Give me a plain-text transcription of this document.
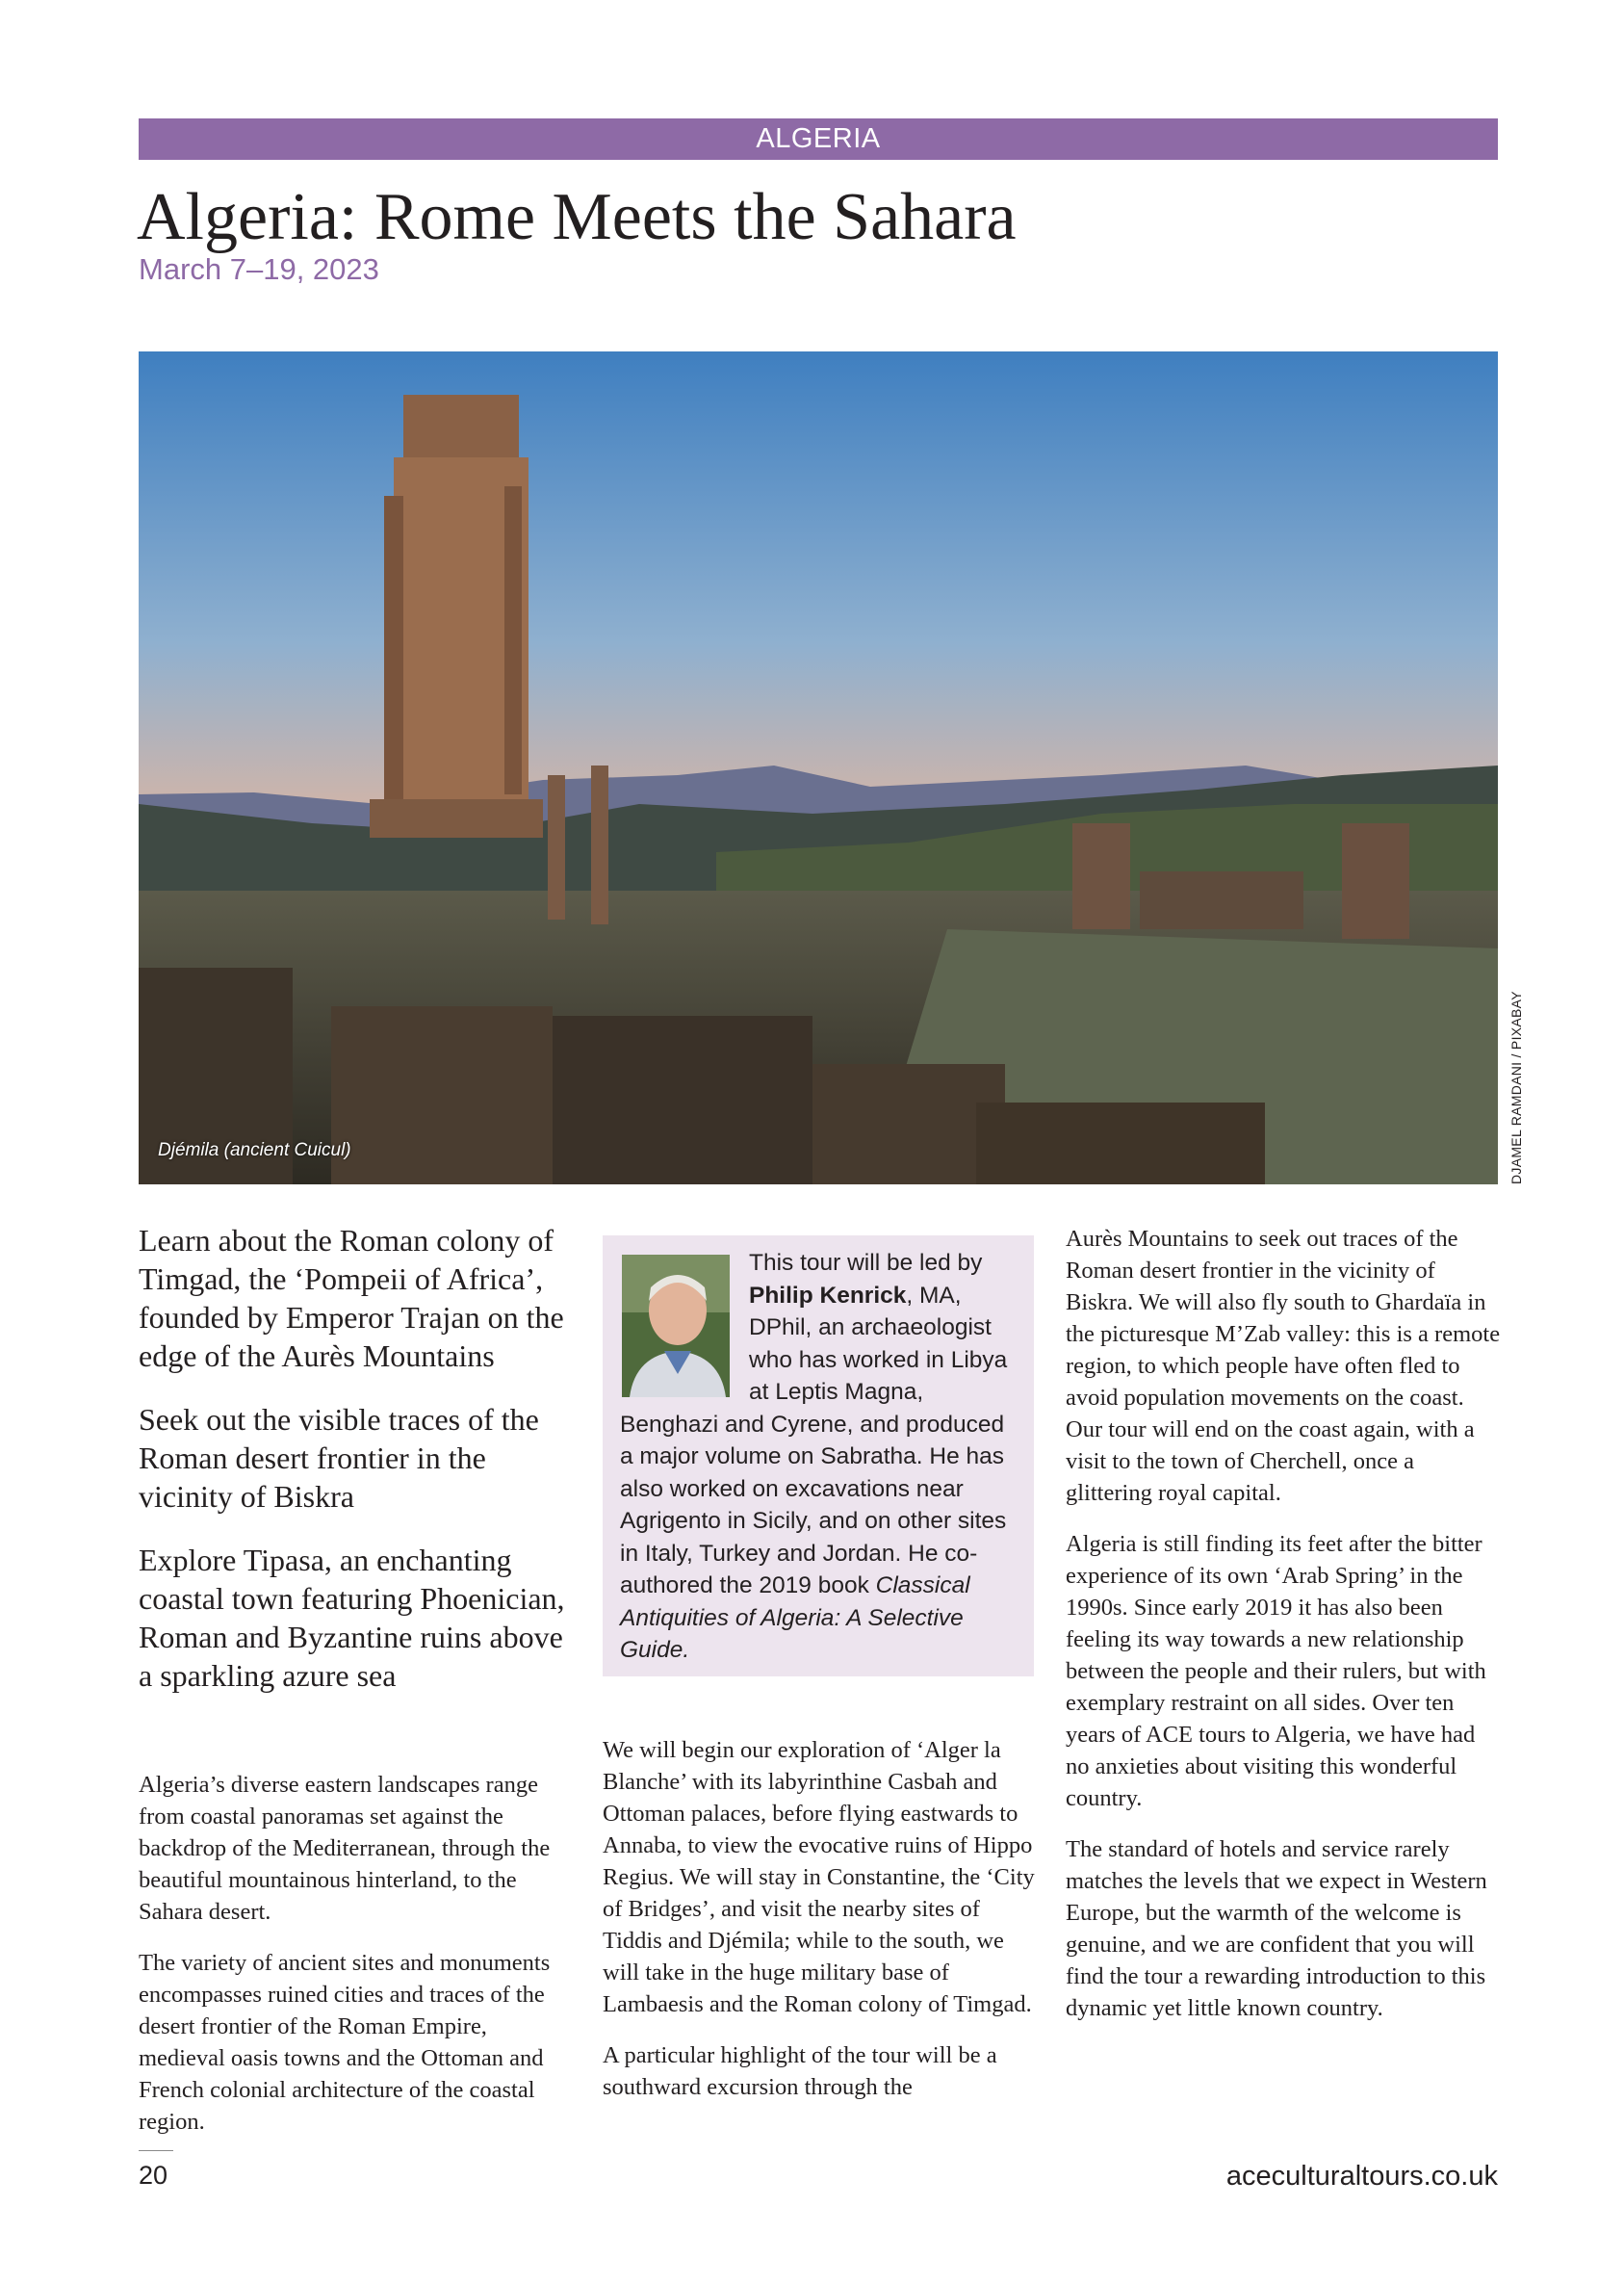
ALGERIA
Algeria: Rome Meets the Sahara
March 7–19, 2023
Djémila (ancient Cuicul)	DJAMEL RAMDANI / PIXABAY

Learn about the Roman colony of Timgad, the ‘Pompeii of Africa’, founded by Emperor Trajan on the edge of the Aurès Mountains

Seek out the visible traces of the Roman desert frontier in the vicinity of Biskra

Explore Tipasa, an enchanting coastal town featuring Phoenician, Roman and Byzantine ruins above a sparkling azure sea

This tour will be led by Philip Kenrick, MA, DPhil, an archaeologist who has worked in Libya at Leptis Magna, Benghazi and Cyrene, and produced a major volume on Sabratha. He has also worked on excavations near Agrigento in Sicily, and on other sites in Italy, Turkey and Jordan. He co-authored the 2019 book Classical Antiquities of Algeria: A Selective Guide.

Algeria’s diverse eastern landscapes range from coastal panoramas set against the backdrop of the Mediterranean, through the beautiful mountainous hinterland, to the Sahara desert.

The variety of ancient sites and monuments encompasses ruined cities and traces of the desert frontier of the Roman Empire, medieval oasis towns and the Ottoman and French colonial architecture of the coastal region.

We will begin our exploration of ‘Alger la Blanche’ with its labyrinthine Casbah and Ottoman palaces, before flying eastwards to Annaba, to view the evocative ruins of Hippo Regius. We will stay in Constantine, the ‘City of Bridges’, and visit the nearby sites of Tiddis and Djémila; while to the south, we will take in the huge military base of Lambaesis and the Roman colony of Timgad.

A particular highlight of the tour will be a southward excursion through the

Aurès Mountains to seek out traces of the Roman desert frontier in the vicinity of Biskra. We will also fly south to Ghardaïa in the picturesque M’Zab valley: this is a remote region, to which people have often fled to avoid population movements on the coast. Our tour will end on the coast again, with a visit to the town of Cherchell, once a glittering royal capital.

Algeria is still finding its feet after the bitter experience of its own ‘Arab Spring’ in the 1990s. Since early 2019 it has also been feeling its way towards a new relationship between the people and their rulers, but with exemplary restraint on all sides. Over ten years of ACE tours to Algeria, we have had no anxieties about visiting this wonderful country.

The standard of hotels and service rarely matches the levels that we expect in Western Europe, but the warmth of the welcome is genuine, and we are confident that you will find the tour a rewarding introduction to this dynamic yet little known country.

20	aceculturaltours.co.uk
